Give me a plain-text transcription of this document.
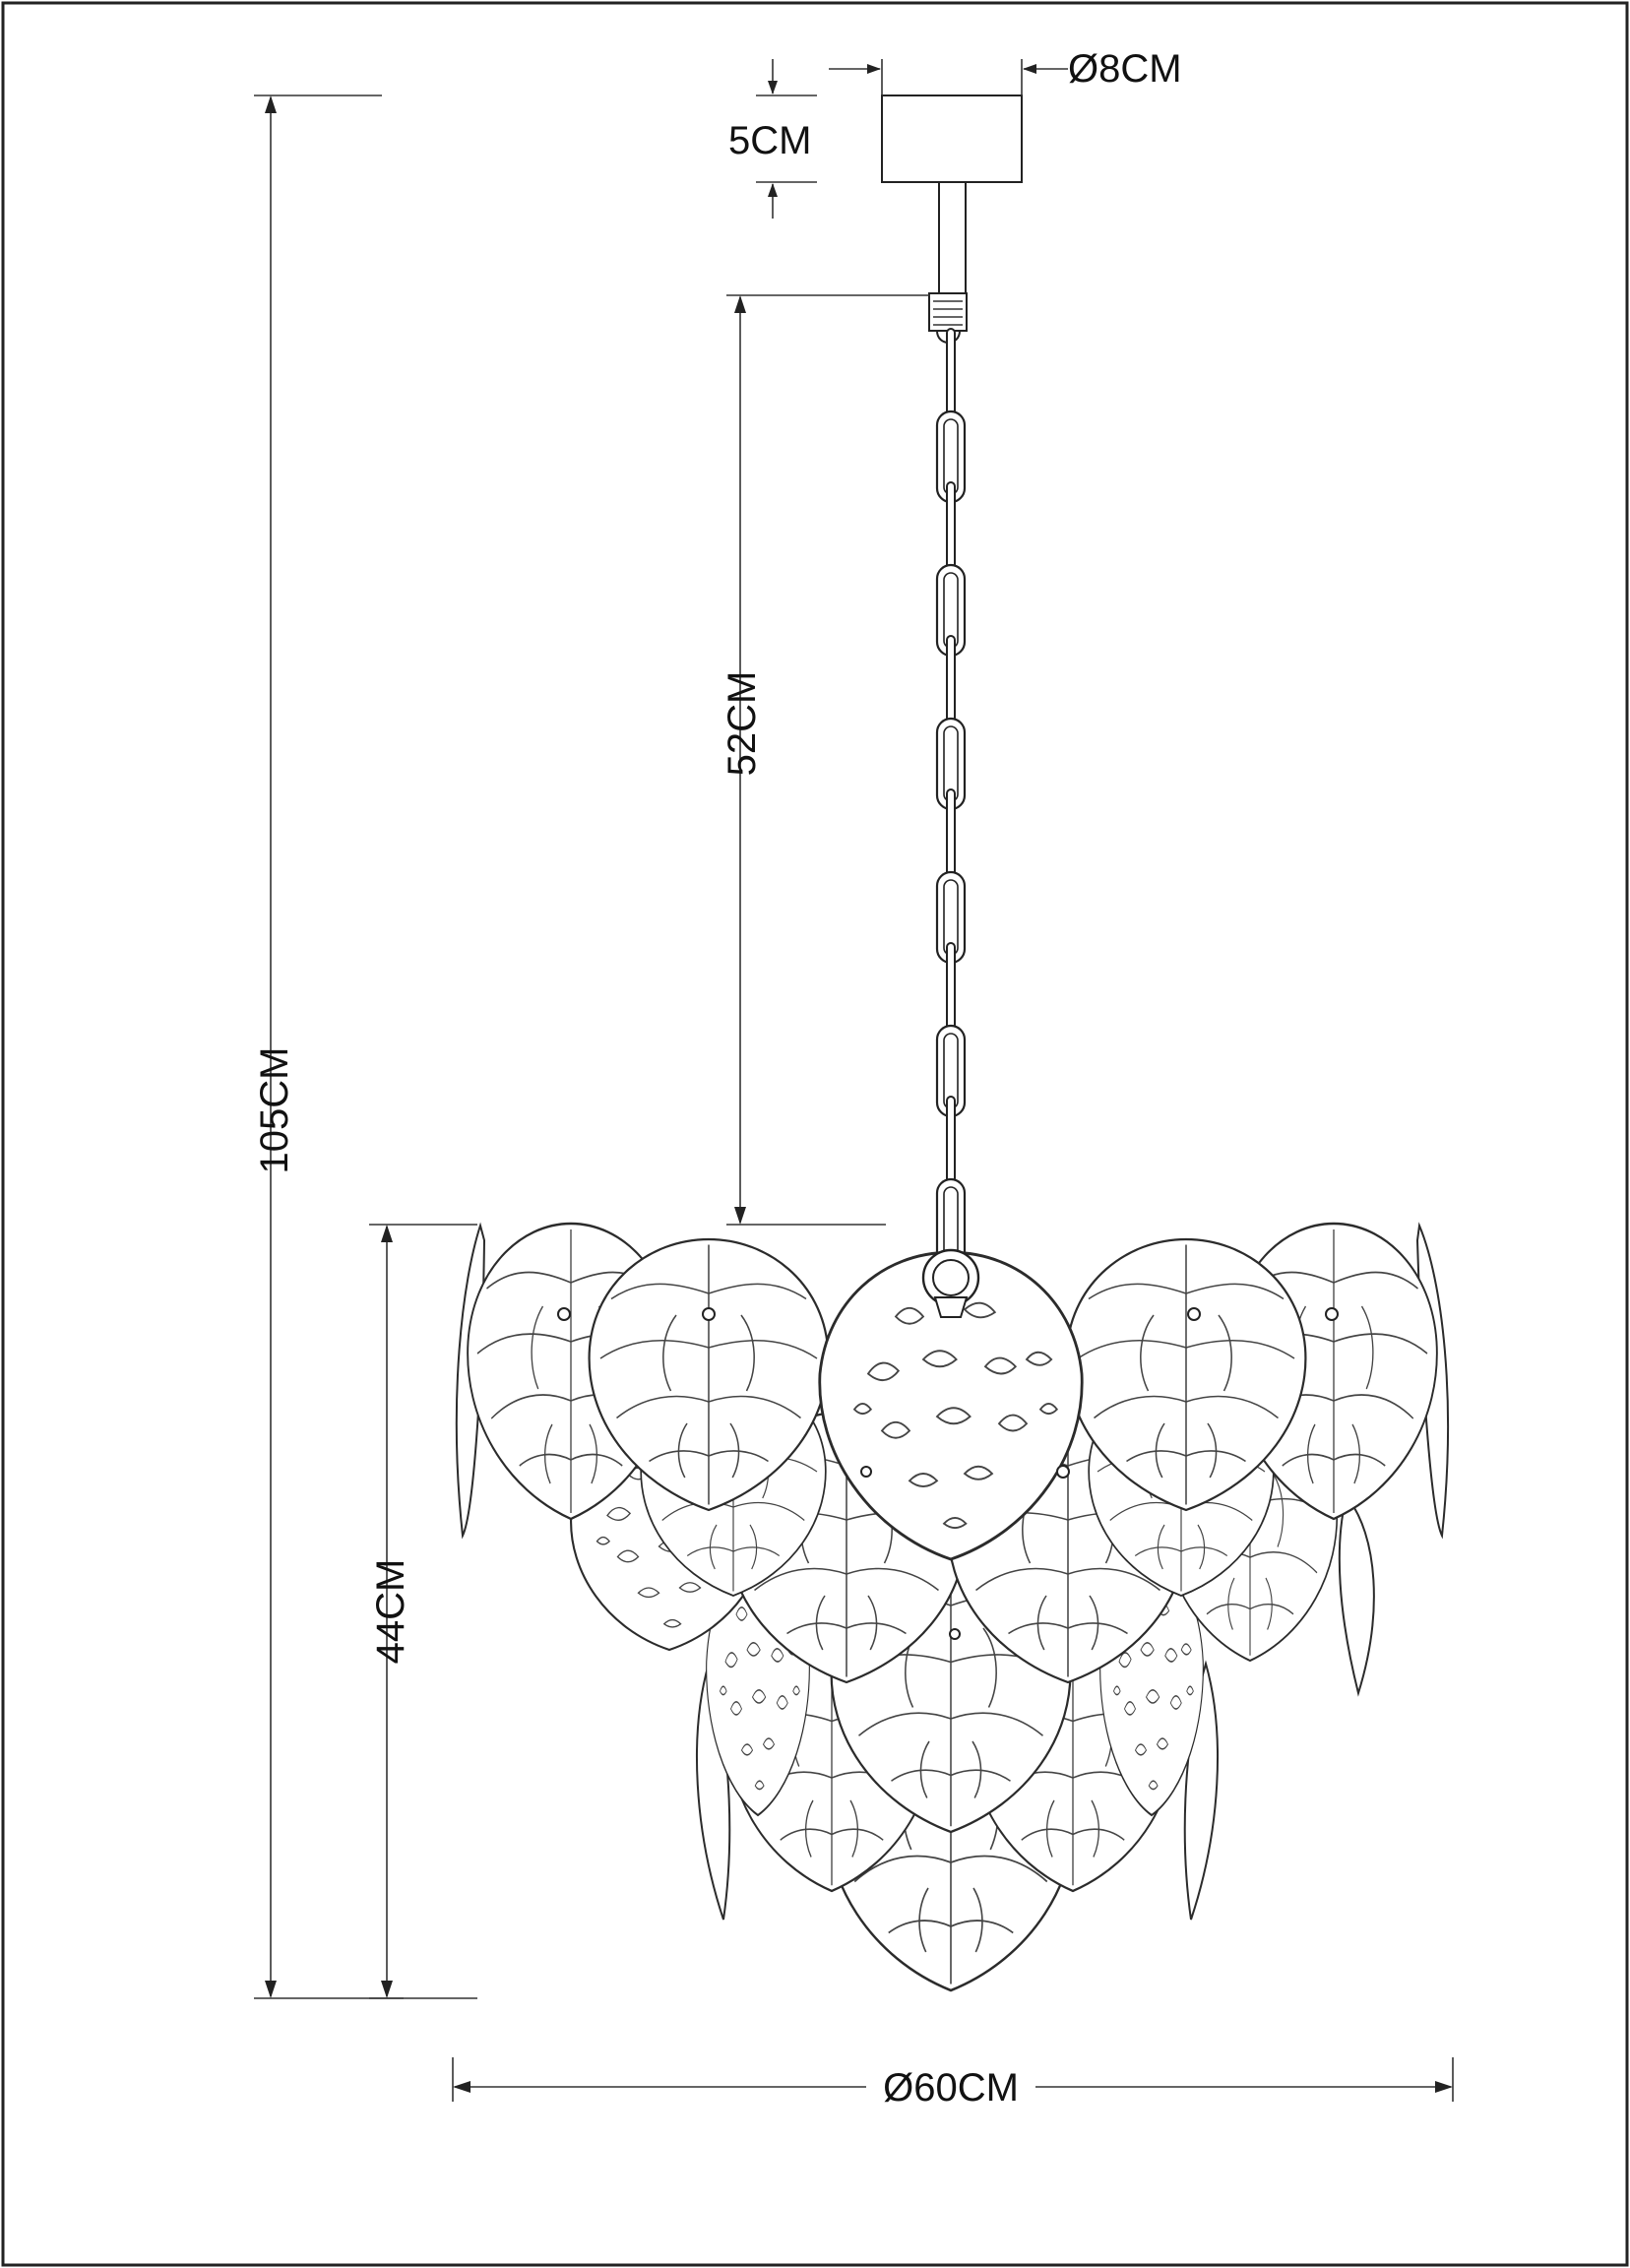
Ø8CM
5CM
105CM
52CM
44CM
Ø60CM
